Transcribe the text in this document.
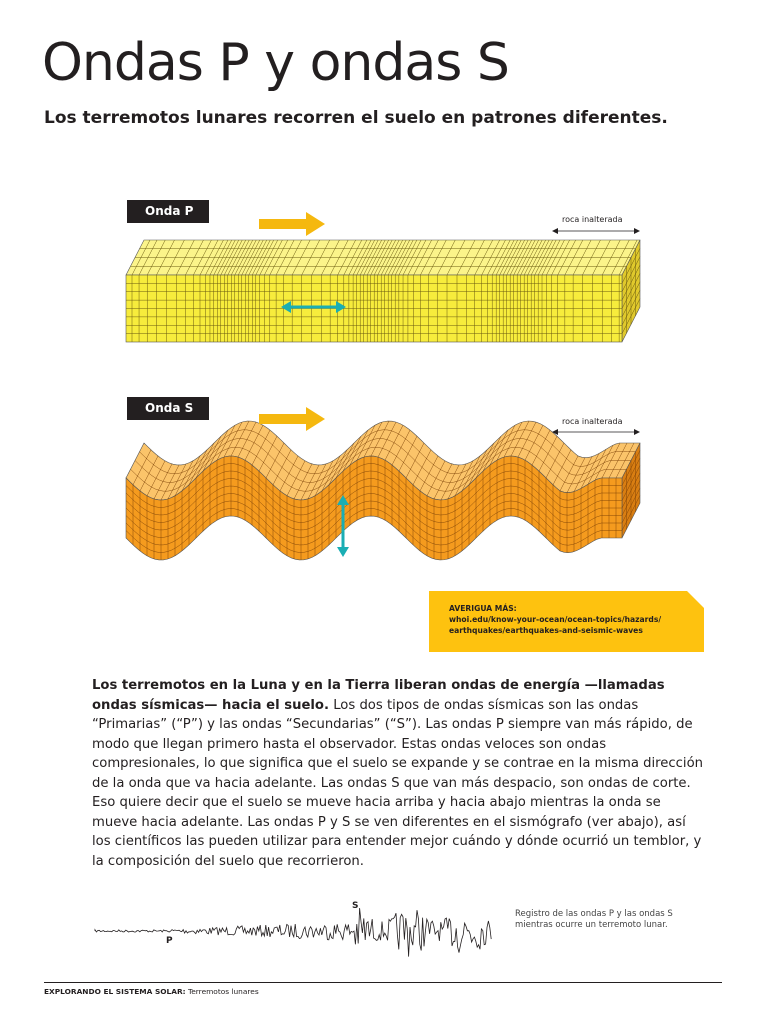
Ondas P y ondas S

Los terremotos lunares recorren el suelo en patrones diferentes.

Onda P
roca inalterada
Onda S
roca inalterada
AVERIGUA MÁS:
whoi.edu/know-your-ocean/ocean-topics/hazards/
earthquakes/earthquakes-and-seismic-waves

Los terremotos en la Luna y en la Tierra liberan ondas de energía —llamadas ondas sísmicas— hacia el suelo. Los dos tipos de ondas sísmicas son las ondas “Primarias” (“P”) y las ondas “Secundarias” (“S”). Las ondas P siempre van más rápido, de modo que llegan primero hasta el observador. Estas ondas veloces son ondas compresionales, lo que significa que el suelo se expande y se contrae en la misma dirección de la onda que va hacia adelante. Las ondas S que van más despacio, son ondas de corte. Eso quiere decir que el suelo se mueve hacia arriba y hacia abajo mientras la onda se mueve hacia adelante. Las ondas P y S se ven diferentes en el sismógrafo (ver abajo), así los científicos las pueden utilizar para entender mejor cuándo y dónde ocurrió un temblor, y la composición del suelo que recorrieron.

P
S
Registro de las ondas P y las ondas S mientras ocurre un terremoto lunar.
EXPLORANDO EL SISTEMA SOLAR: Terremotos lunares
